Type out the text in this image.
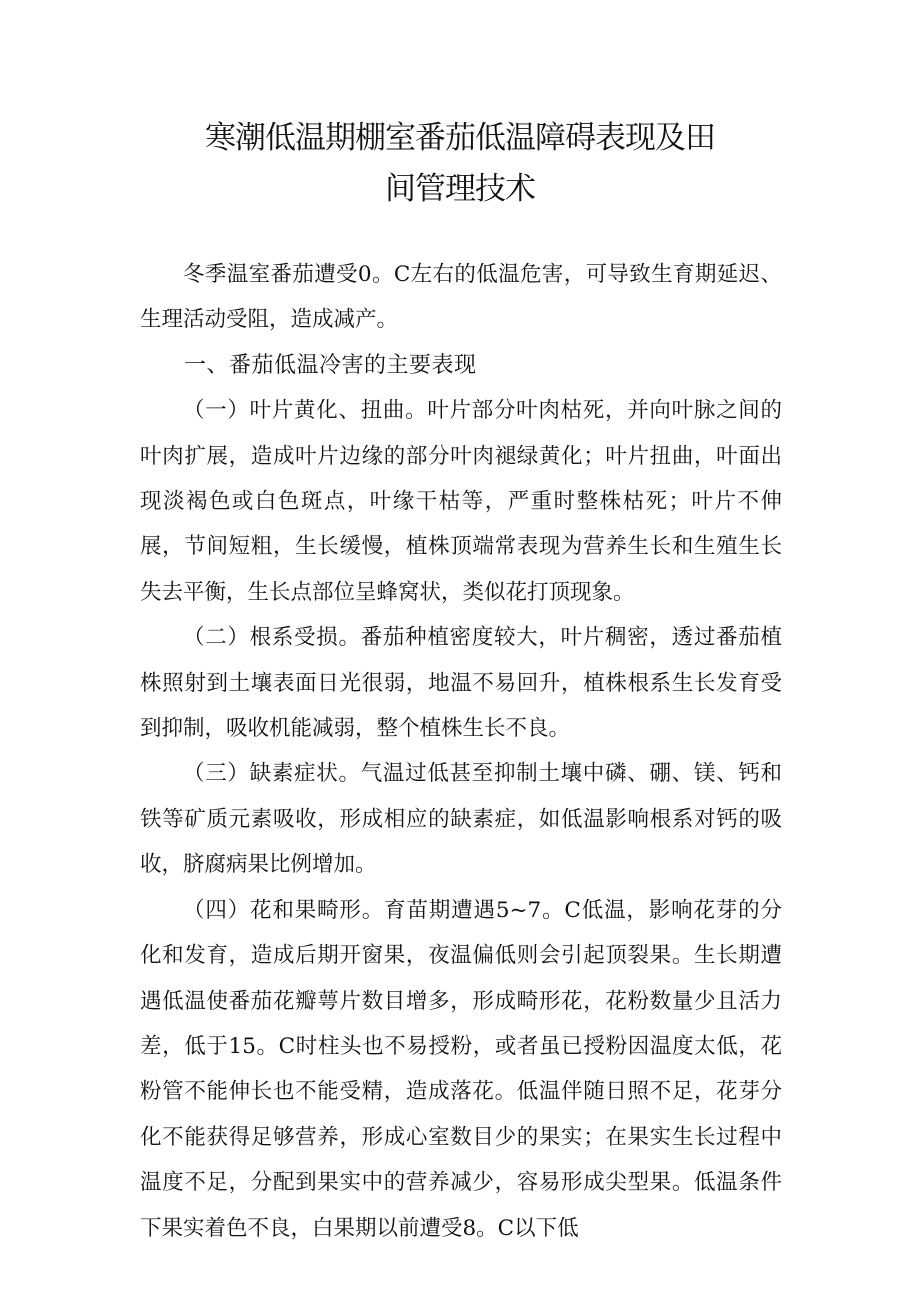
寒潮低温期棚室番茄低温障碍表现及田
间管理技术

冬季温室番茄遭受0。C左右的低温危害，可导致生育期延迟、生理活动受阻，造成减产。

一、番茄低温冷害的主要表现

（一）叶片黄化、扭曲。叶片部分叶肉枯死，并向叶脉之间的叶肉扩展，造成叶片边缘的部分叶肉褪绿黄化；叶片扭曲，叶面出现淡褐色或白色斑点，叶缘干枯等，严重时整株枯死；叶片不伸展，节间短粗，生长缓慢，植株顶端常表现为营养生长和生殖生长失去平衡，生长点部位呈蜂窝状，类似花打顶现象。

（二）根系受损。番茄种植密度较大，叶片稠密，透过番茄植株照射到土壤表面日光很弱，地温不易回升，植株根系生长发育受到抑制，吸收机能减弱，整个植株生长不良。

（三）缺素症状。气温过低甚至抑制土壤中磷、硼、镁、钙和铁等矿质元素吸收，形成相应的缺素症，如低温影响根系对钙的吸收，脐腐病果比例增加。

（四）花和果畸形。育苗期遭遇5~7。C低温，影响花芽的分化和发育，造成后期开窗果，夜温偏低则会引起顶裂果。生长期遭遇低温使番茄花瓣萼片数目增多，形成畸形花，花粉数量少且活力差，低于15。C时柱头也不易授粉，或者虽已授粉因温度太低，花粉管不能伸长也不能受精，造成落花。低温伴随日照不足，花芽分化不能获得足够营养，形成心室数目少的果实；在果实生长过程中温度不足，分配到果实中的营养减少，容易形成尖型果。低温条件下果实着色不良，白果期以前遭受8。C以下低
